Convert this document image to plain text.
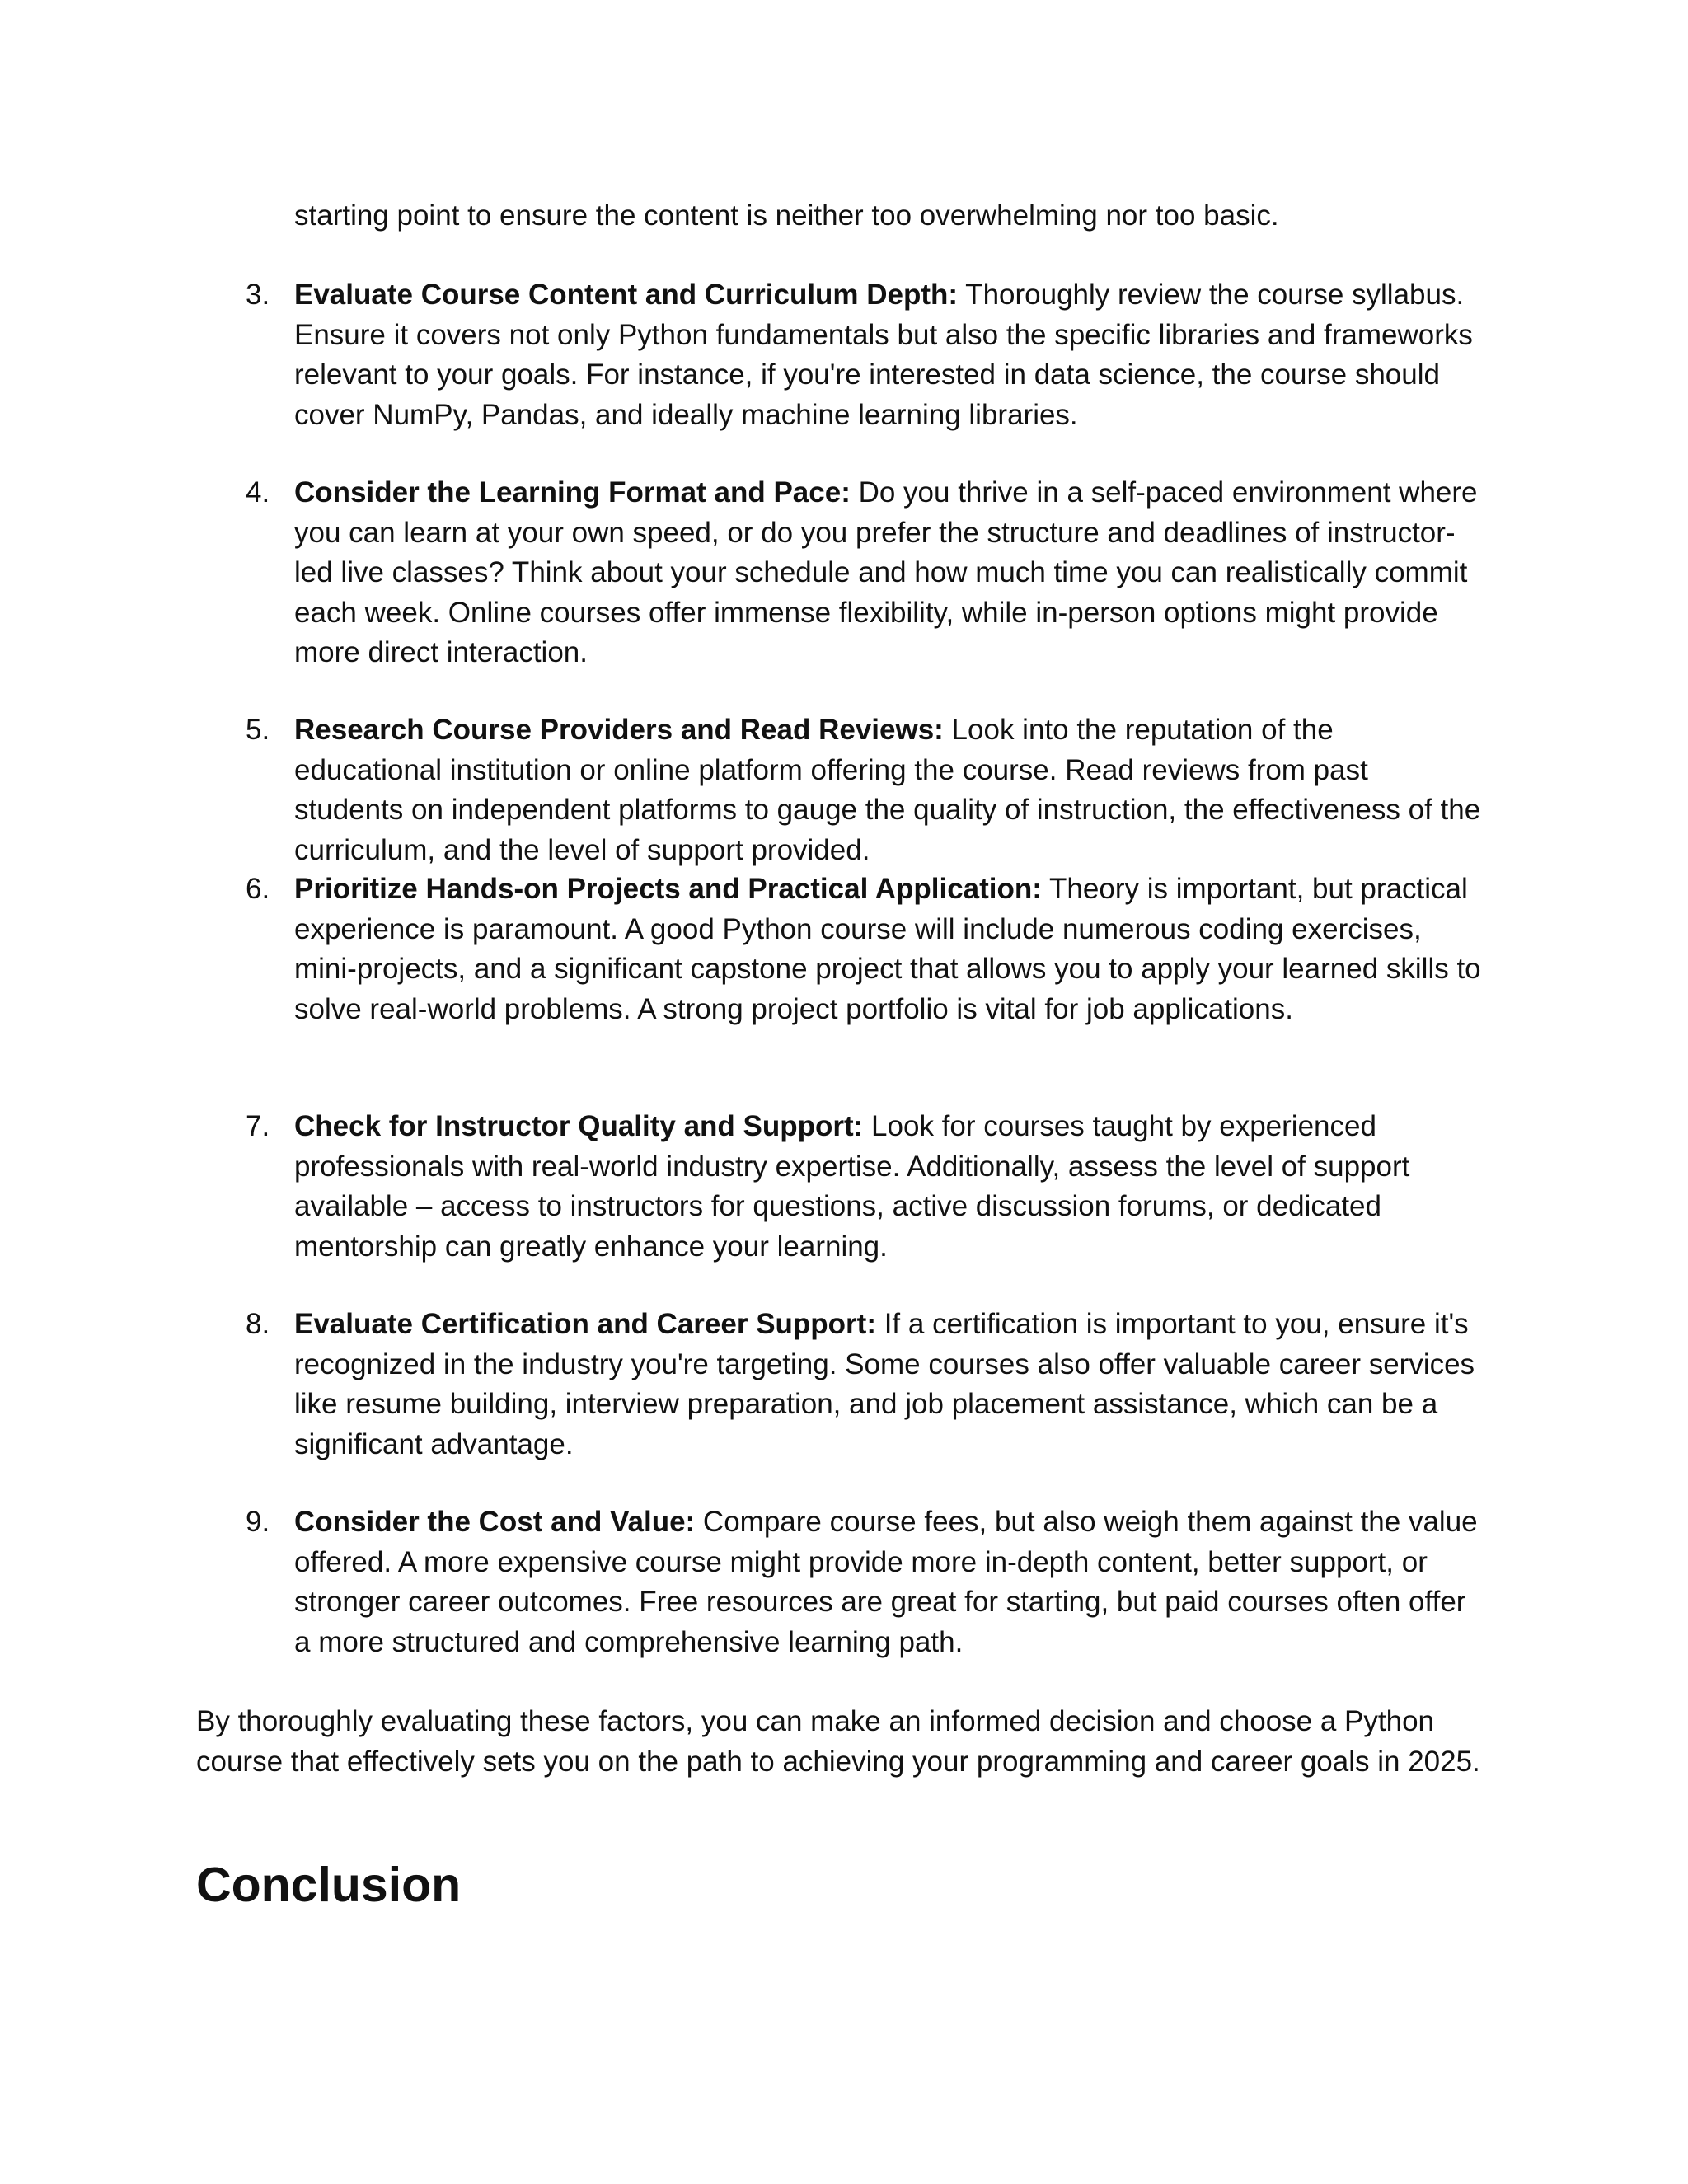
starting point to ensure the content is neither too overwhelming nor too basic.
3. Evaluate Course Content and Curriculum Depth: Thoroughly review the course syllabus. Ensure it covers not only Python fundamentals but also the specific libraries and frameworks relevant to your goals. For instance, if you're interested in data science, the course should cover NumPy, Pandas, and ideally machine learning libraries.
4. Consider the Learning Format and Pace: Do you thrive in a self-paced environment where you can learn at your own speed, or do you prefer the structure and deadlines of instructor-led live classes? Think about your schedule and how much time you can realistically commit each week. Online courses offer immense flexibility, while in-person options might provide more direct interaction.
5. Research Course Providers and Read Reviews: Look into the reputation of the educational institution or online platform offering the course. Read reviews from past students on independent platforms to gauge the quality of instruction, the effectiveness of the curriculum, and the level of support provided.
6. Prioritize Hands-on Projects and Practical Application: Theory is important, but practical experience is paramount. A good Python course will include numerous coding exercises, mini-projects, and a significant capstone project that allows you to apply your learned skills to solve real-world problems. A strong project portfolio is vital for job applications.
7. Check for Instructor Quality and Support: Look for courses taught by experienced professionals with real-world industry expertise. Additionally, assess the level of support available – access to instructors for questions, active discussion forums, or dedicated mentorship can greatly enhance your learning.
8. Evaluate Certification and Career Support: If a certification is important to you, ensure it's recognized in the industry you're targeting. Some courses also offer valuable career services like resume building, interview preparation, and job placement assistance, which can be a significant advantage.
9. Consider the Cost and Value: Compare course fees, but also weigh them against the value offered. A more expensive course might provide more in-depth content, better support, or stronger career outcomes. Free resources are great for starting, but paid courses often offer a more structured and comprehensive learning path.
By thoroughly evaluating these factors, you can make an informed decision and choose a Python course that effectively sets you on the path to achieving your programming and career goals in 2025.
Conclusion
